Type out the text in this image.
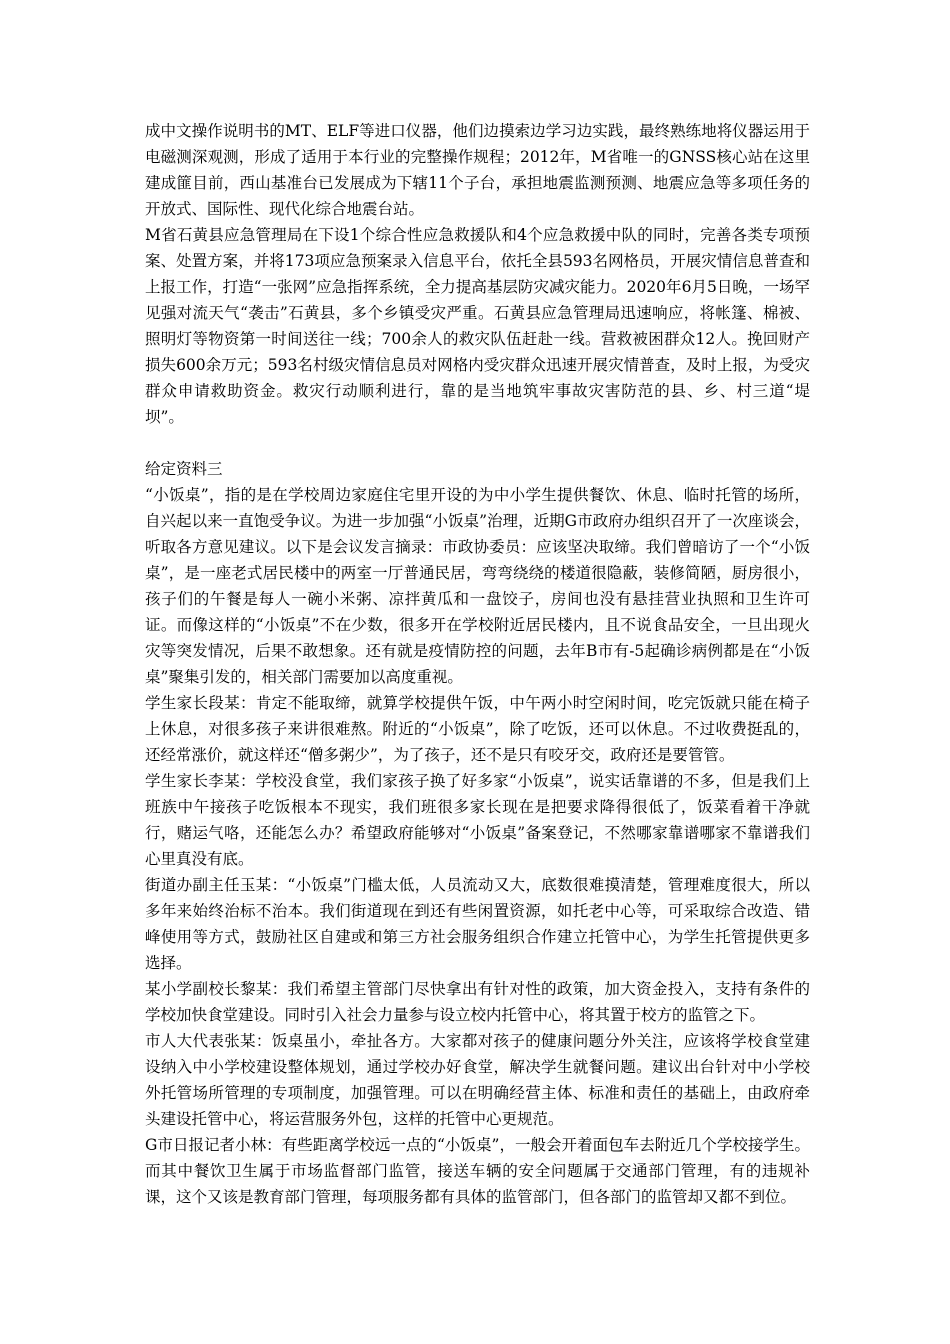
成中文操作说明书的MT、ELF等进口仪器，他们边摸索边学习边实践，最终熟练地将仪器运用于电磁测深观测，形成了适用于本行业的完整操作规程；2012年，M省唯一的GNSS核心站在这里建成篚目前，西山基准台已发展成为下辖11个子台，承担地震监测预测、地震应急等多项任务的开放式、国际性、现代化综合地震台站。

M省石黄县应急管理局在下设1个综合性应急救援队和4个应急救援中队的同时，完善各类专项预案、处置方案，并将173项应急预案录入信息平台，依托全县593名网格员，开展灾情信息普查和上报工作，打造“一张网”应急指挥系统，全力提高基层防灾减灾能力。2020年6月5日晚，一场罕见强对流天气“袭击”石黄县，多个乡镇受灾严重。石黄县应急管理局迅速响应，将帐篷、棉被、照明灯等物资第一时间送往一线；700余人的救灾队伍赶赴一线。营救被困群众12人。挽回财产损失600余万元；593名村级灾情信息员对网格内受灾群众迅速开展灾情普查，及时上报，为受灾群众申请救助资金。救灾行动顺利进行，靠的是当地筑牢事故灾害防范的县、乡、村三道“堤坝”。

给定资料三

“小饭桌”，指的是在学校周边家庭住宅里开设的为中小学生提供餐饮、休息、临时托管的场所，自兴起以来一直饱受争议。为进一步加强“小饭桌”治理，近期G市政府办组织召开了一次座谈会，听取各方意见建议。以下是会议发言摘录：市政协委员：应该坚决取缔。我们曾暗访了一个“小饭桌”，是一座老式居民楼中的两室一厅普通民居，弯弯绕绕的楼道很隐蔽，装修简陋，厨房很小，孩子们的午餐是每人一碗小米粥、凉拌黄瓜和一盘饺子，房间也没有悬挂营业执照和卫生许可证。而像这样的“小饭桌”不在少数，很多开在学校附近居民楼内，且不说食品安全，一旦出现火灾等突发情况，后果不敢想象。还有就是疫情防控的问题，去年B市有-5起确诊病例都是在“小饭桌”聚集引发的，相关部门需要加以高度重视。

学生家长段某：肯定不能取缔，就算学校提供午饭，中午两小时空闲时间，吃完饭就只能在椅子上休息，对很多孩子来讲很难熬。附近的“小饭桌”，除了吃饭，还可以休息。不过收费挺乱的，还经常涨价，就这样还“僧多粥少”，为了孩子，还不是只有咬牙交，政府还是要管管。

学生家长李某：学校没食堂，我们家孩子换了好多家“小饭桌”，说实话靠谱的不多，但是我们上班族中午接孩子吃饭根本不现实，我们班很多家长现在是把要求降得很低了，饭菜看着干净就行，赌运气咯，还能怎么办？希望政府能够对“小饭桌”备案登记，不然哪家靠谱哪家不靠谱我们心里真没有底。

街道办副主任玉某：“小饭桌”门槛太低，人员流动又大，底数很难摸清楚，管理难度很大，所以多年来始终治标不治本。我们街道现在到还有些闲置资源，如托老中心等，可采取综合改造、错峰使用等方式，鼓励社区自建或和第三方社会服务组织合作建立托管中心，为学生托管提供更多选择。

某小学副校长黎某：我们希望主管部门尽快拿出有针对性的政策，加大资金投入，支持有条件的学校加快食堂建设。同时引入社会力量参与设立校内托管中心，将其置于校方的监管之下。

市人大代表张某：饭桌虽小，牵扯各方。大家都对孩子的健康问题分外关注，应该将学校食堂建设纳入中小学校建设整体规划，通过学校办好食堂，解决学生就餐问题。建议出台针对中小学校外托管场所管理的专项制度，加强管理。可以在明确经营主体、标准和责任的基础上，由政府牵头建设托管中心，将运营服务外包，这样的托管中心更规范。

G市日报记者小林：有些距离学校远一点的“小饭桌”，一般会开着面包车去附近几个学校接学生。而其中餐饮卫生属于市场监督部门监管，接送车辆的安全问题属于交通部门管理，有的违规补课，这个又该是教育部门管理，每项服务都有具体的监管部门，但各部门的监管却又都不到位。
